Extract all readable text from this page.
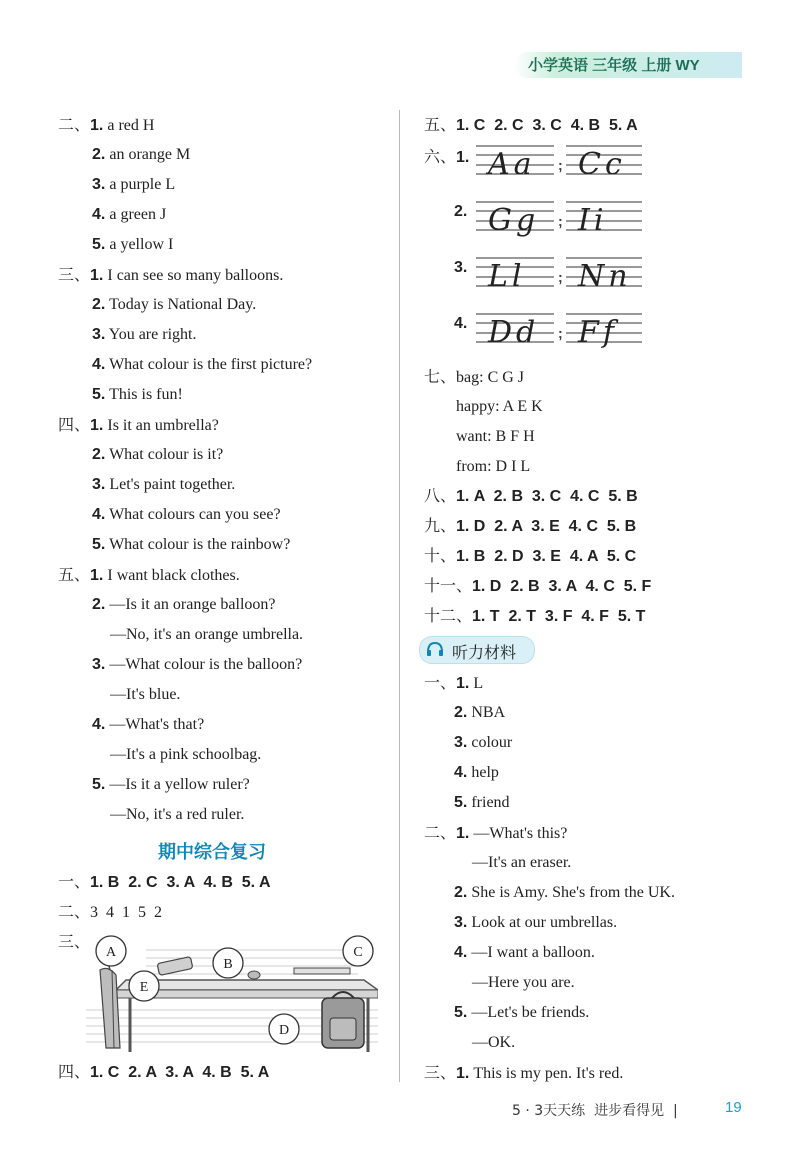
小学英语 三年级 上册 WY
二、1. a red H
2. an orange M
3. a purple L
4. a green J
5. a yellow I
三、1. I can see so many balloons.
2. Today is National Day.
3. You are right.
4. What colour is the first picture?
5. This is fun!
四、1. Is it an umbrella?
2. What colour is it?
3. Let's paint together.
4. What colours can you see?
5. What colour is the rainbow?
五、1. I want black clothes.
2. —Is it an orange balloon?
—No, it's an orange umbrella.
3. —What colour is the balloon?
—It's blue.
4. —What's that?
—It's a pink schoolbag.
5. —Is it a yellow ruler?
—No, it's a red ruler.
期中综合复习
一、1. B  2. C  3. A  4. B  5. A
二、3  4  1  5  2
三、
A
B
C
D
E
四、1. C  2. A  3. A  4. B  5. A
五、1. C  2. C  3. C  4. B  5. A
六、1.
2.
3.
4.
;
;
;
;
Aa Cc
Gg Ii
Ll Nn
Dd Ff
七、bag: C G J
happy: A E K
want: B F H
from: D I L
八、1. A  2. B  3. C  4. C  5. B
九、1. D  2. A  3. E  4. C  5. B
十、1. B  2. D  3. E  4. A  5. C
十一、1. D  2. B  3. A  4. C  5. F
十二、1. T  2. T  3. F  4. F  5. T
听力材料
一、1. L
2. NBA
3. colour
4. help
5. friend
二、1. —What's this?
—It's an eraser.
2. She is Amy. She's from the UK.
3. Look at our umbrellas.
4. —I want a balloon.
—Here you are.
5. —Let's be friends.
—OK.
三、1. This is my pen. It's red.
5 · 3天天练  进步看得见  |	19
